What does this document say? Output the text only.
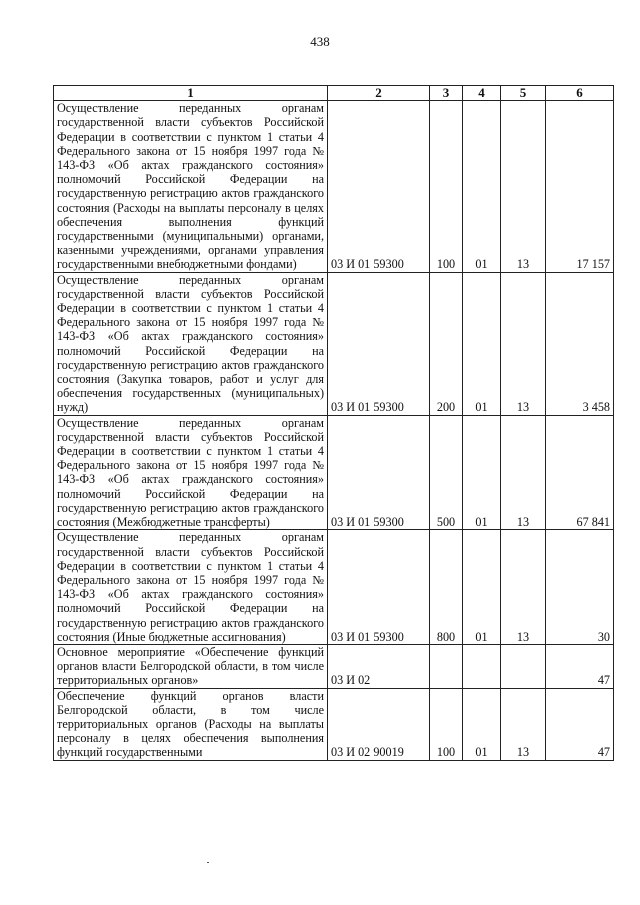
438
1	2	3	4	5	6
Осуществление переданных органам государственной власти субъектов Российской Федерации в соответствии с пунктом 1 статьи 4 Федерального закона от 15 ноября 1997 года № 143-ФЗ «Об актах гражданского состояния» полномочий Российской Федерации на государственную регистрацию актов гражданского состояния (Расходы на выплаты персоналу в целях обеспечения выполнения функций государственными (муниципальными) органами, казенными учреждениями, органами управления государственными внебюджетными фондами)	03 И 01 59300	100	01	13	17 157
Осуществление переданных органам государственной власти субъектов Российской Федерации в соответствии с пунктом 1 статьи 4 Федерального закона от 15 ноября 1997 года № 143-ФЗ «Об актах гражданского состояния» полномочий Российской Федерации на государственную регистрацию актов гражданского состояния (Закупка товаров, работ и услуг для обеспечения государственных (муниципальных) нужд)	03 И 01 59300	200	01	13	3 458
Осуществление переданных органам государственной власти субъектов Российской Федерации в соответствии с пунктом 1 статьи 4 Федерального закона от 15 ноября 1997 года № 143-ФЗ «Об актах гражданского состояния» полномочий Российской Федерации на государственную регистрацию актов гражданского состояния (Межбюджетные трансферты)	03 И 01 59300	500	01	13	67 841
Осуществление переданных органам государственной власти субъектов Российской Федерации в соответствии с пунктом 1 статьи 4 Федерального закона от 15 ноября 1997 года № 143-ФЗ «Об актах гражданского состояния» полномочий Российской Федерации на государственную регистрацию актов гражданского состояния (Иные бюджетные ассигнования)	03 И 01 59300	800	01	13	30
Основное мероприятие «Обеспечение функций органов власти Белгородской области, в том числе территориальных органов»	03 И 02				47
Обеспечение функций органов власти Белгородской области, в том числе территориальных органов (Расходы на выплаты персоналу в целях обеспечения выполнения функций государственными	03 И 02 90019	100	01	13	47
